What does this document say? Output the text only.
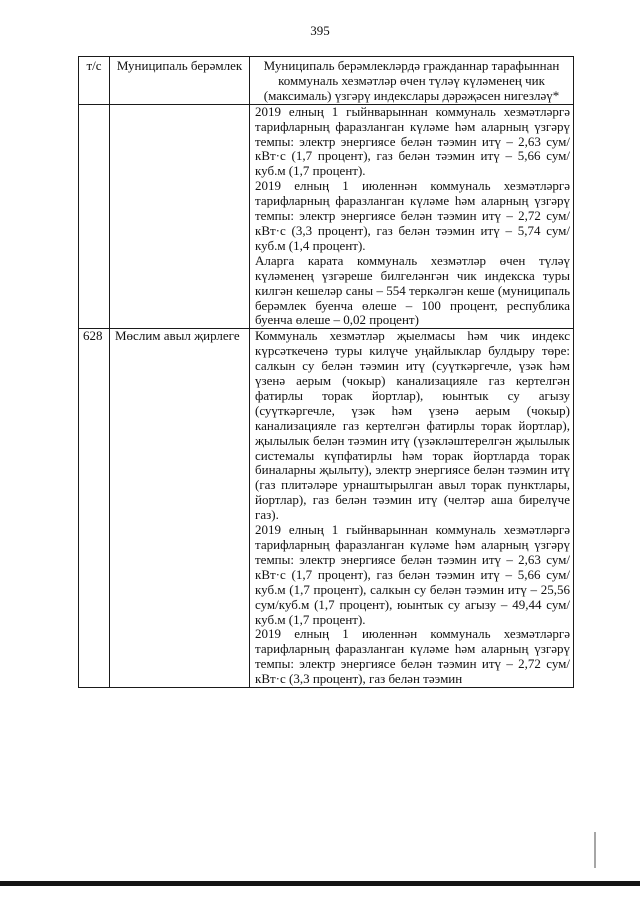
395
т/с	Муниципаль берәмлек	Муниципаль берәмлекләрдә гражданнар тарафыннан коммуналь хезмәтләр өчен түләү күләменең чик (максималь) үзгәрү индекслары дәрәҗәсен нигезләү*

		2019 елның 1 гыйнварыннан коммуналь хезмәтләргә тарифларның фаразланган күләме һәм аларның үзгәрү темпы: электр энергиясе белән тәэмин итү – 2,63 сум/кВт·с (1,7 процент), газ белән тәэмин итү – 5,66 сум/куб.м (1,7 процент).

2019 елның 1 июленнән коммуналь хезмәтләргә тарифларның фаразланган күләме һәм аларның үзгәрү темпы: электр энергиясе белән тәэмин итү – 2,72 сум/кВт·с (3,3 процент), газ белән тәэмин итү – 5,74 сум/куб.м (1,4 процент).

Аларга карата коммуналь хезмәтләр өчен түләү күләменең үзгәреше билгеләнгән чик индекска туры килгән кешеләр саны – 554 теркәлгән кеше (муниципаль берәмлек буенча өлеше – 100 процент, республика буенча өлеше – 0,02 процент)

628	Мөслим авыл җирлеге	Коммуналь хезмәтләр җыелмасы һәм чик индекс күрсәткеченә туры килүче уңайлыклар булдыру төре: салкын су белән тәэмин итү (суүткәргечле, үзәк һәм үзенә аерым (чокыр) канализацияле газ кертелгән фатирлы торак йортлар), юынтык су агызу (суүткәргечле, үзәк һәм үзенә аерым (чокыр) канализацияле газ кертелгән фатирлы торак йортлар), җылылык белән тәэмин итү (үзәкләштерелгән җылылык системалы күпфатирлы һәм торак йортларда торак биналарны җылыту), электр энергиясе белән тәэмин итү (газ плитәләре урнаштырылган авыл торак пунктлары, йортлар), газ белән тәэмин итү (челтәр аша бирелүче газ).

2019 елның 1 гыйнварыннан коммуналь хезмәтләргә тарифларның фаразланган күләме һәм аларның үзгәрү темпы: электр энергиясе белән тәэмин итү – 2,63 сум/кВт·с (1,7 процент), газ белән тәэмин итү – 5,66 сум/куб.м (1,7 процент), салкын су белән тәэмин итү – 25,56 сум/куб.м (1,7 процент), юынтык су агызу – 49,44 сум/куб.м (1,7 процент).

2019 елның 1 июленнән коммуналь хезмәтләргә тарифларның фаразланган күләме һәм аларның үзгәрү темпы: электр энергиясе белән тәэмин итү – 2,72 сум/кВт·с (3,3 процент), газ белән тәэмин
